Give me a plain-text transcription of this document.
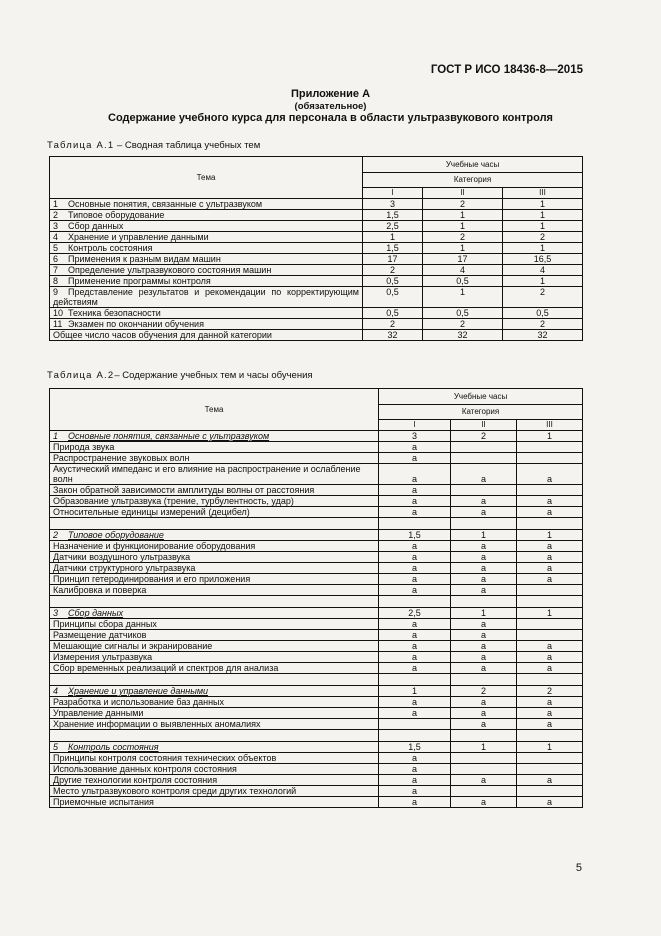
ГОСТ Р ИСО 18436-8—2015
Приложение А
(обязательное)
Содержание учебного курса для персонала в области ультразвукового контроля
Таблица А.1 – Сводная таблица учебных тем
Тема	Учебные часы		
	Категория		
	I	II	III
1 Основные понятия, связанные с ультразвуком	3	2	1
2 Типовое оборудование	1,5	1	1
3 Сбор данных	2,5	1	1
4 Хранение и управление данными	1	2	2
5 Контроль состояния	1,5	1	1
6 Применения к разным видам машин	17	17	16,5
7 Определение ультразвукового состояния машин	2	4	4
8 Применение программы контроля	0,5	0,5	1
9 Представление результатов и рекомендации по корректирующим действиям	0,5	1	2
10 Техника безопасности	0,5	0,5	0,5
11 Экзамен по окончании обучения	2	2	2
Общее число часов обучения для данной категории	32	32	32
Таблица А.2– Содержание учебных тем и часы обучения
Тема	Учебные часы		
	Категория		
	I	II	III
1 Основные понятия, связанные с ультразвуком	3	2	1
Природа звука	а		
Распространение звуковых волн	а		
Акустический импеданс и его влияние на распространение и ослабление волн	а	а	а
Закон обратной зависимости амплитуды волны от расстояния	а		
Образование ультразвука (трение, турбулентность, удар)	а	а	а
Относительные единицы измерений (децибел)	а	а	а

2 Типовое оборудование	1,5	1	1
Назначение и функционирование оборудования	а	а	а
Датчики воздушного ультразвука	а	а	а
Датчики структурного ультразвука	а	а	а
Принцип гетеродинирования и его приложения	а	а	а
Калибровка и поверка	а	а	

3 Сбор данных	2,5	1	1
Принципы сбора данных	а	а	
Размещение датчиков	а	а	
Мешающие сигналы и экранирование	а	а	а
Измерения ультразвука	а	а	а
Сбор временных реализаций и спектров для анализа	а	а	а

4 Хранение и управление данными	1	2	2
Разработка и использование баз данных	а	а	а
Управление данными	а	а	а
Хранение информации о выявленных аномалиях		а	а

5 Контроль состояния	1,5	1	1
Принципы контроля состояния технических объектов	а		
Использование данных контроля состояния	а		
Другие технологии контроля состояния	а	а	а
Место ультразвукового контроля среди других технологий	а		
Приемочные испытания	а	а	а
5
